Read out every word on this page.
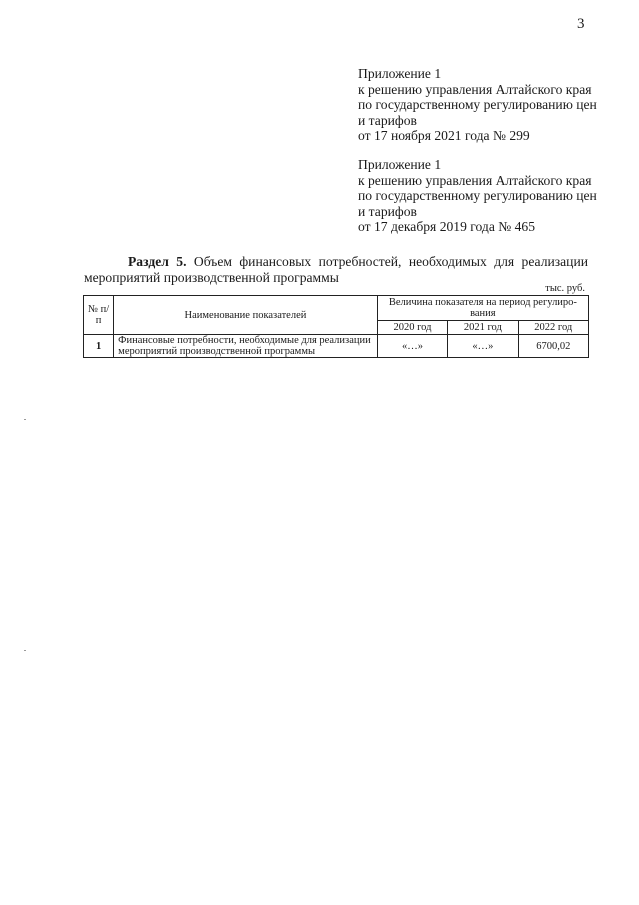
3
Приложение 1
к решению управления Алтайского края
по государственному регулированию цен
и тарифов
от 17 ноября 2021 года № 299
Приложение 1
к решению управления Алтайского края
по государственному регулированию цен
и тарифов
от 17 декабря 2019 года № 465
Раздел 5. Объем финансовых потребностей, необходимых для реализации
мероприятий производственной программы
тыс. руб.
№ п/п	Наименование показателей	Величина показателя на период регулиро-
вания		

		2020 год	2021 год	2022 год
1	Финансовые потребности, необходимые для реализации
мероприятий производственной программы	«…»	«…»	6700,02
